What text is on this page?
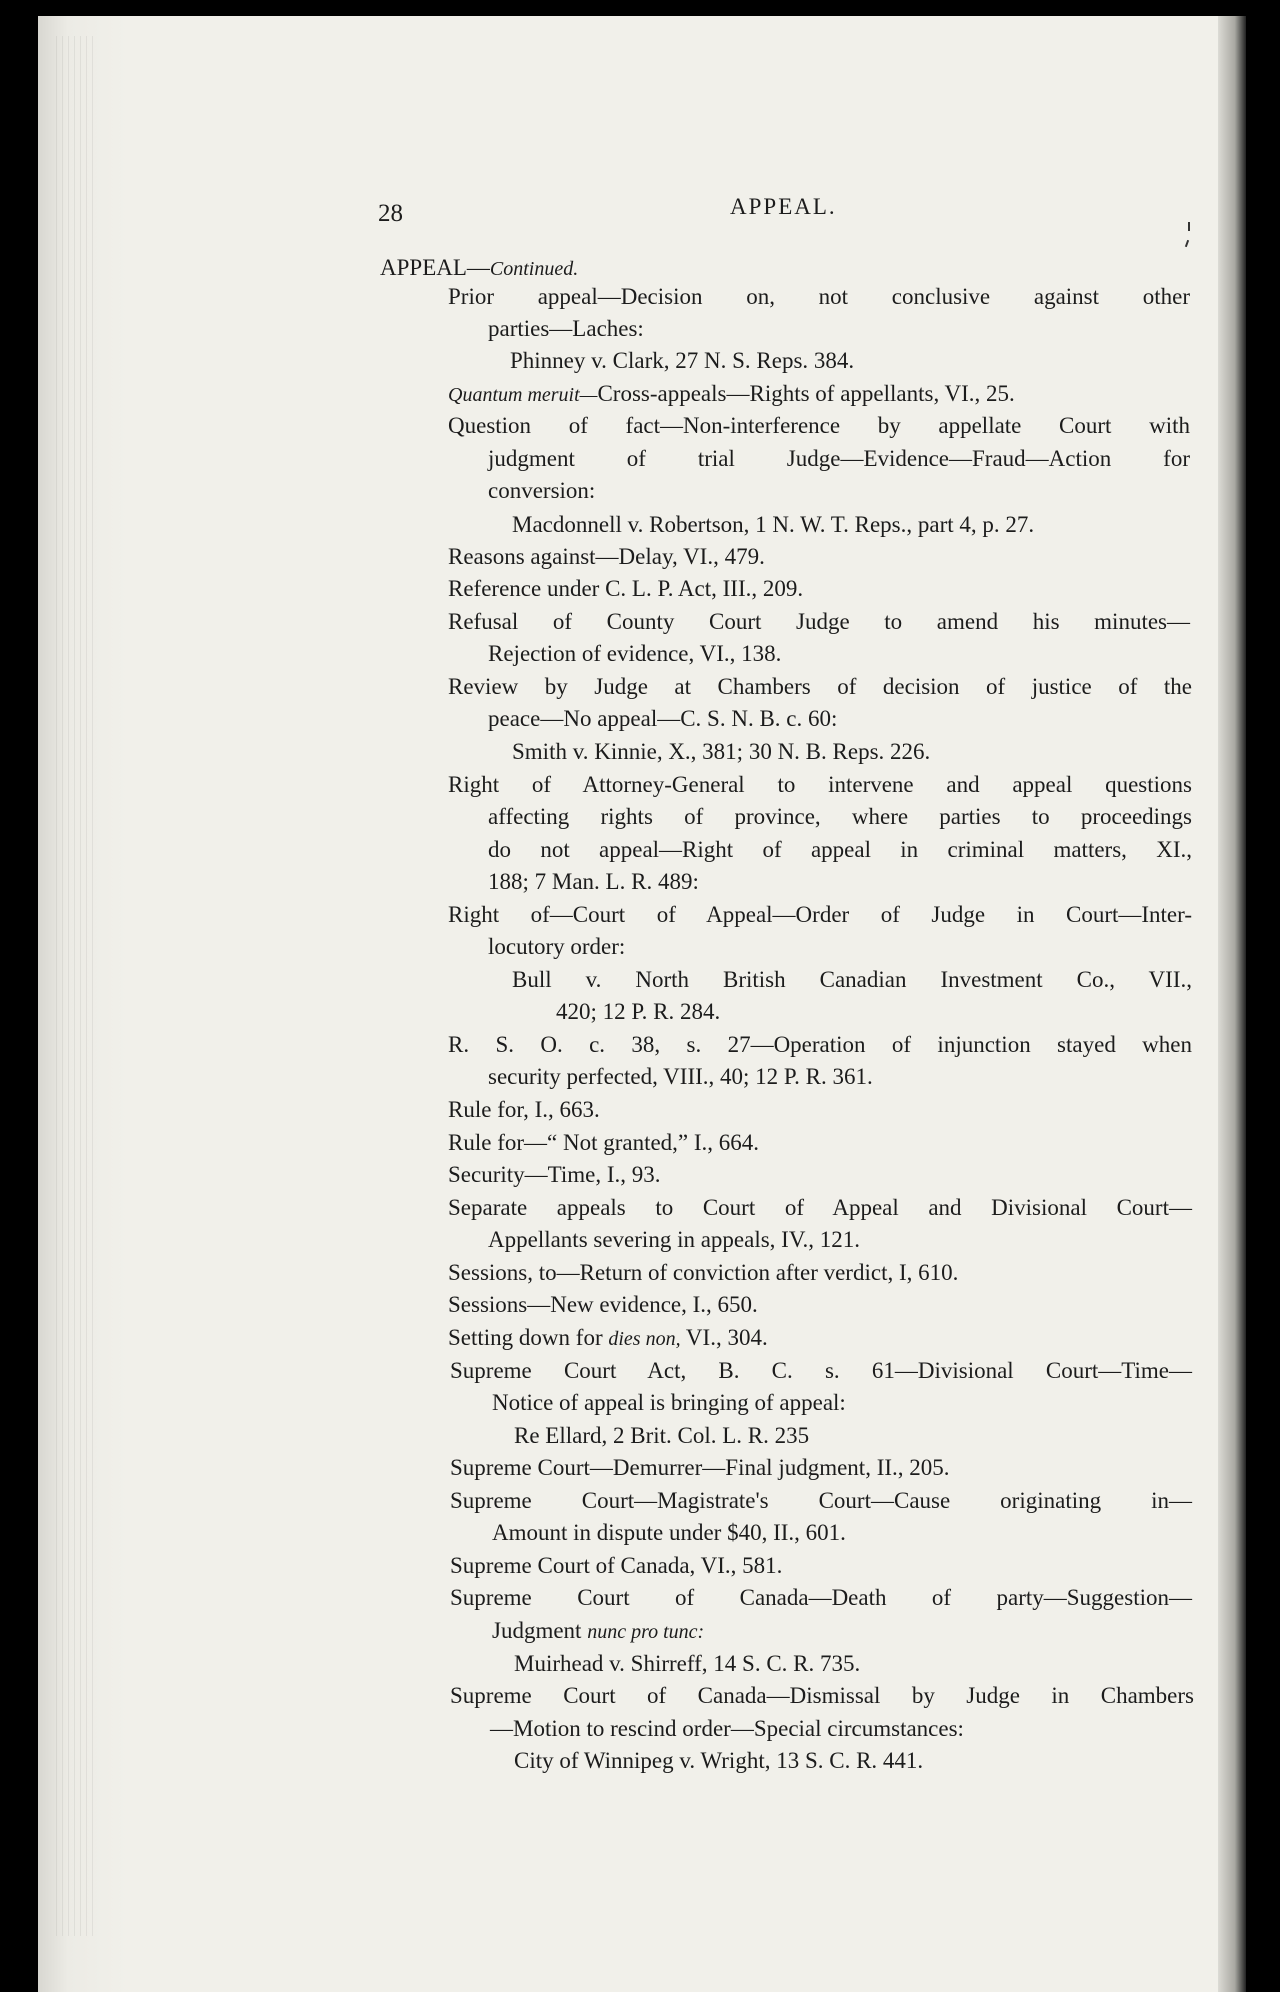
28	APPEAL.
APPEAL—Continued.
Prior appeal—Decision on, not conclusive against other
parties—Laches:
Phinney v. Clark, 27 N. S. Reps. 384.
Quantum meruit—Cross-appeals—Rights of appellants, VI., 25.
Question of fact—Non-interference by appellate Court with
judgment of trial Judge—Evidence—Fraud—Action for
conversion:
Macdonnell v. Robertson, 1 N. W. T. Reps., part 4, p. 27.
Reasons against—Delay, VI., 479.
Reference under C. L. P. Act, III., 209.
Refusal of County Court Judge to amend his minutes—
Rejection of evidence, VI., 138.
Review by Judge at Chambers of decision of justice of the
peace—No appeal—C. S. N. B. c. 60:
Smith v. Kinnie, X., 381; 30 N. B. Reps. 226.
Right of Attorney-General to intervene and appeal questions
affecting rights of province, where parties to proceedings
do not appeal—Right of appeal in criminal matters, XI.,
188; 7 Man. L. R. 489:
Right of—Court of Appeal—Order of Judge in Court—Inter-
locutory order:
Bull v. North British Canadian Investment Co., VII.,
420; 12 P. R. 284.
R. S. O. c. 38, s. 27—Operation of injunction stayed when
security perfected, VIII., 40; 12 P. R. 361.
Rule for, I., 663.
Rule for—“ Not granted,” I., 664.
Security—Time, I., 93.
Separate appeals to Court of Appeal and Divisional Court—
Appellants severing in appeals, IV., 121.
Sessions, to—Return of conviction after verdict, I, 610.
Sessions—New evidence, I., 650.
Setting down for dies non, VI., 304.
Supreme Court Act, B. C. s. 61—Divisional Court—Time—
Notice of appeal is bringing of appeal:
Re Ellard, 2 Brit. Col. L. R. 235
Supreme Court—Demurrer—Final judgment, II., 205.
Supreme Court—Magistrate's Court—Cause originating in—
Amount in dispute under $40, II., 601.
Supreme Court of Canada, VI., 581.
Supreme Court of Canada—Death of party—Suggestion—
Judgment nunc pro tunc:
Muirhead v. Shirreff, 14 S. C. R. 735.
Supreme Court of Canada—Dismissal by Judge in Chambers
—Motion to rescind order—Special circumstances:
City of Winnipeg v. Wright, 13 S. C. R. 441.
